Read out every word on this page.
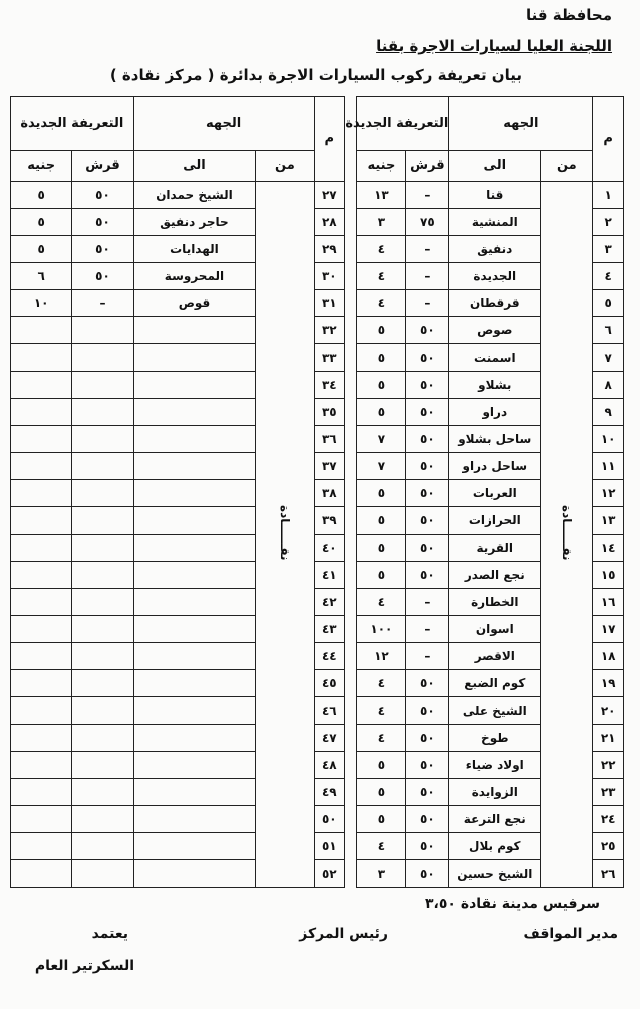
محافظة قنا
اللجنة العليا لسيارات الاجرة بقنا
بيان تعريفة ركوب السيارات الاجرة بدائرة ( مركز نقادة )
م	الجهه		التعريفة الجديدة			م	الجهه		التعريفة الجديدة	
	من	الى	قرش	جنيه			من	الى	قرش	جنيه
١	نقــــــادة	قنا	–	١٣		٢٧	نقــــــادة	الشيخ حمدان	٥٠	٥
٢		المنشية	٧٥	٣		٢٨		حاجر دنفيق	٥٠	٥
٣		دنفيق	–	٤		٢٩		الهدايات	٥٠	٥
٤		الجديدة	–	٤		٣٠		المحروسة	٥٠	٦
٥		قرقطان	–	٤		٣١		قوص	–	١٠
٦		صوص	٥٠	٥		٣٢				
٧		اسمنت	٥٠	٥		٣٣				
٨		بشلاو	٥٠	٥		٣٤				
٩		دراو	٥٠	٥		٣٥				
١٠		ساحل بشلاو	٥٠	٧		٣٦				
١١		ساحل دراو	٥٠	٧		٣٧				
١٢		العربات	٥٠	٥		٣٨				
١٣		الحرازات	٥٠	٥		٣٩				
١٤		القرية	٥٠	٥		٤٠				
١٥		نجع الصدر	٥٠	٥		٤١				
١٦		الخطارة	–	٤		٤٢				
١٧		اسوان	–	١٠٠		٤٣				
١٨		الاقصر	–	١٢		٤٤				
١٩		كوم الضبع	٥٠	٤		٤٥				
٢٠		الشيخ على	٥٠	٤		٤٦				
٢١		طوخ	٥٠	٤		٤٧				
٢٢		اولاد ضياء	٥٠	٥		٤٨				
٢٣		الزوايدة	٥٠	٥		٤٩				
٢٤		نجع الترعة	٥٠	٥		٥٠				
٢٥		كوم بلال	٥٠	٤		٥١				
٢٦		الشيخ حسين	٥٠	٣		٥٢				
سرفيس مدينة نقادة ٣،٥٠
مدير المواقف
رئيس المركز
يعتمد
السكرتير العام
